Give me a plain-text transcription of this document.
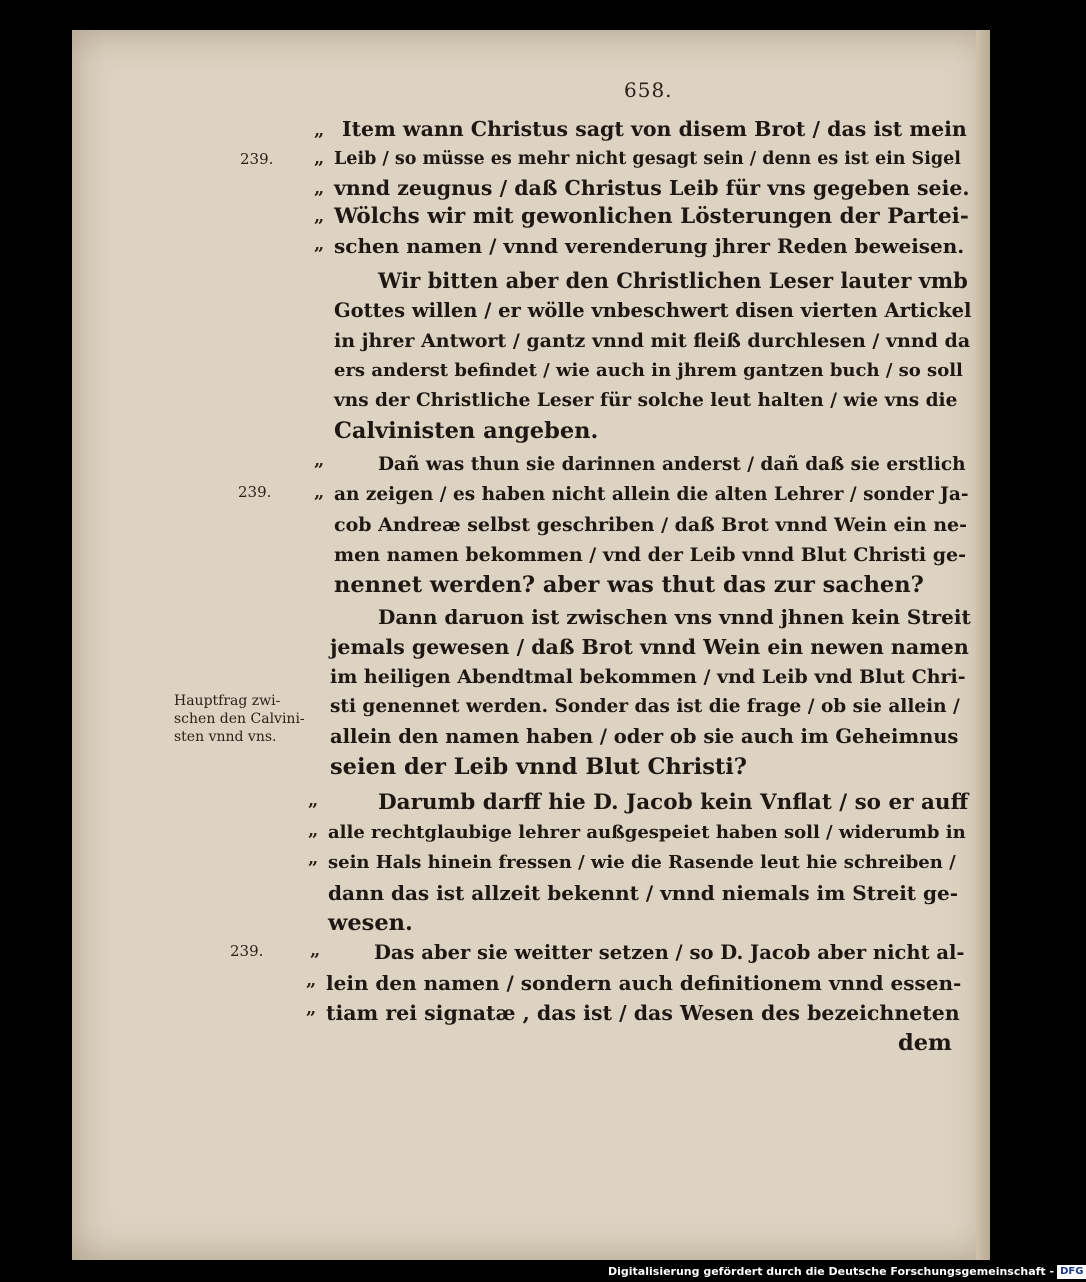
658.
239.
239.
239.
Hauptfrag zwi-
schen den Calvini-
sten vnnd vns.
„
„
„
„
„
„
„
„
„
„
„
„
„
Item wann Christus sagt von disem Brot / das ist mein
Leib / so müsse es mehr nicht gesagt sein / denn es ist ein Sigel
vnnd zeugnus / daß Christus Leib für vns gegeben seie.
Wölchs wir mit gewonlichen Lösterungen der Partei-
schen namen / vnnd verenderung jhrer Reden beweisen.
Wir bitten aber den Christlichen Leser lauter vmb
Gottes willen / er wölle vnbeschwert disen vierten Artickel
in jhrer Antwort / gantz vnnd mit fleiß durchlesen / vnnd da
ers anderst befindet / wie auch in jhrem gantzen buch / so soll
vns der Christliche Leser für solche leut halten / wie vns die
Calvinisten angeben.
Dañ was thun sie darinnen anderst / dañ daß sie erstlich
an zeigen / es haben nicht allein die alten Lehrer / sonder Ja-
cob Andreæ selbst geschriben / daß Brot vnnd Wein ein ne-
men namen bekommen / vnd der Leib vnnd Blut Christi ge-
nennet werden? aber was thut das zur sachen?
Dann daruon ist zwischen vns vnnd jhnen kein Streit
jemals gewesen / daß Brot vnnd Wein ein newen namen
im heiligen Abendtmal bekommen / vnd Leib vnd Blut Chri-
sti genennet werden. Sonder das ist die frage / ob sie allein /
allein den namen haben / oder ob sie auch im Geheimnus
seien der Leib vnnd Blut Christi?
Darumb darff hie D. Jacob kein Vnflat / so er auff
alle rechtglaubige lehrer außgespeiet haben soll / widerumb in
sein Hals hinein fressen / wie die Rasende leut hie schreiben /
dann das ist allzeit bekennt / vnnd niemals im Streit ge-
wesen.
Das aber sie weitter setzen / so D. Jacob aber nicht al-
lein den namen / sondern auch definitionem vnnd essen-
tiam rei signatæ , das ist / das Wesen des bezeichneten
dem
Digitalisierung gefördert durch die Deutsche Forschungsgemeinschaft - DFG
